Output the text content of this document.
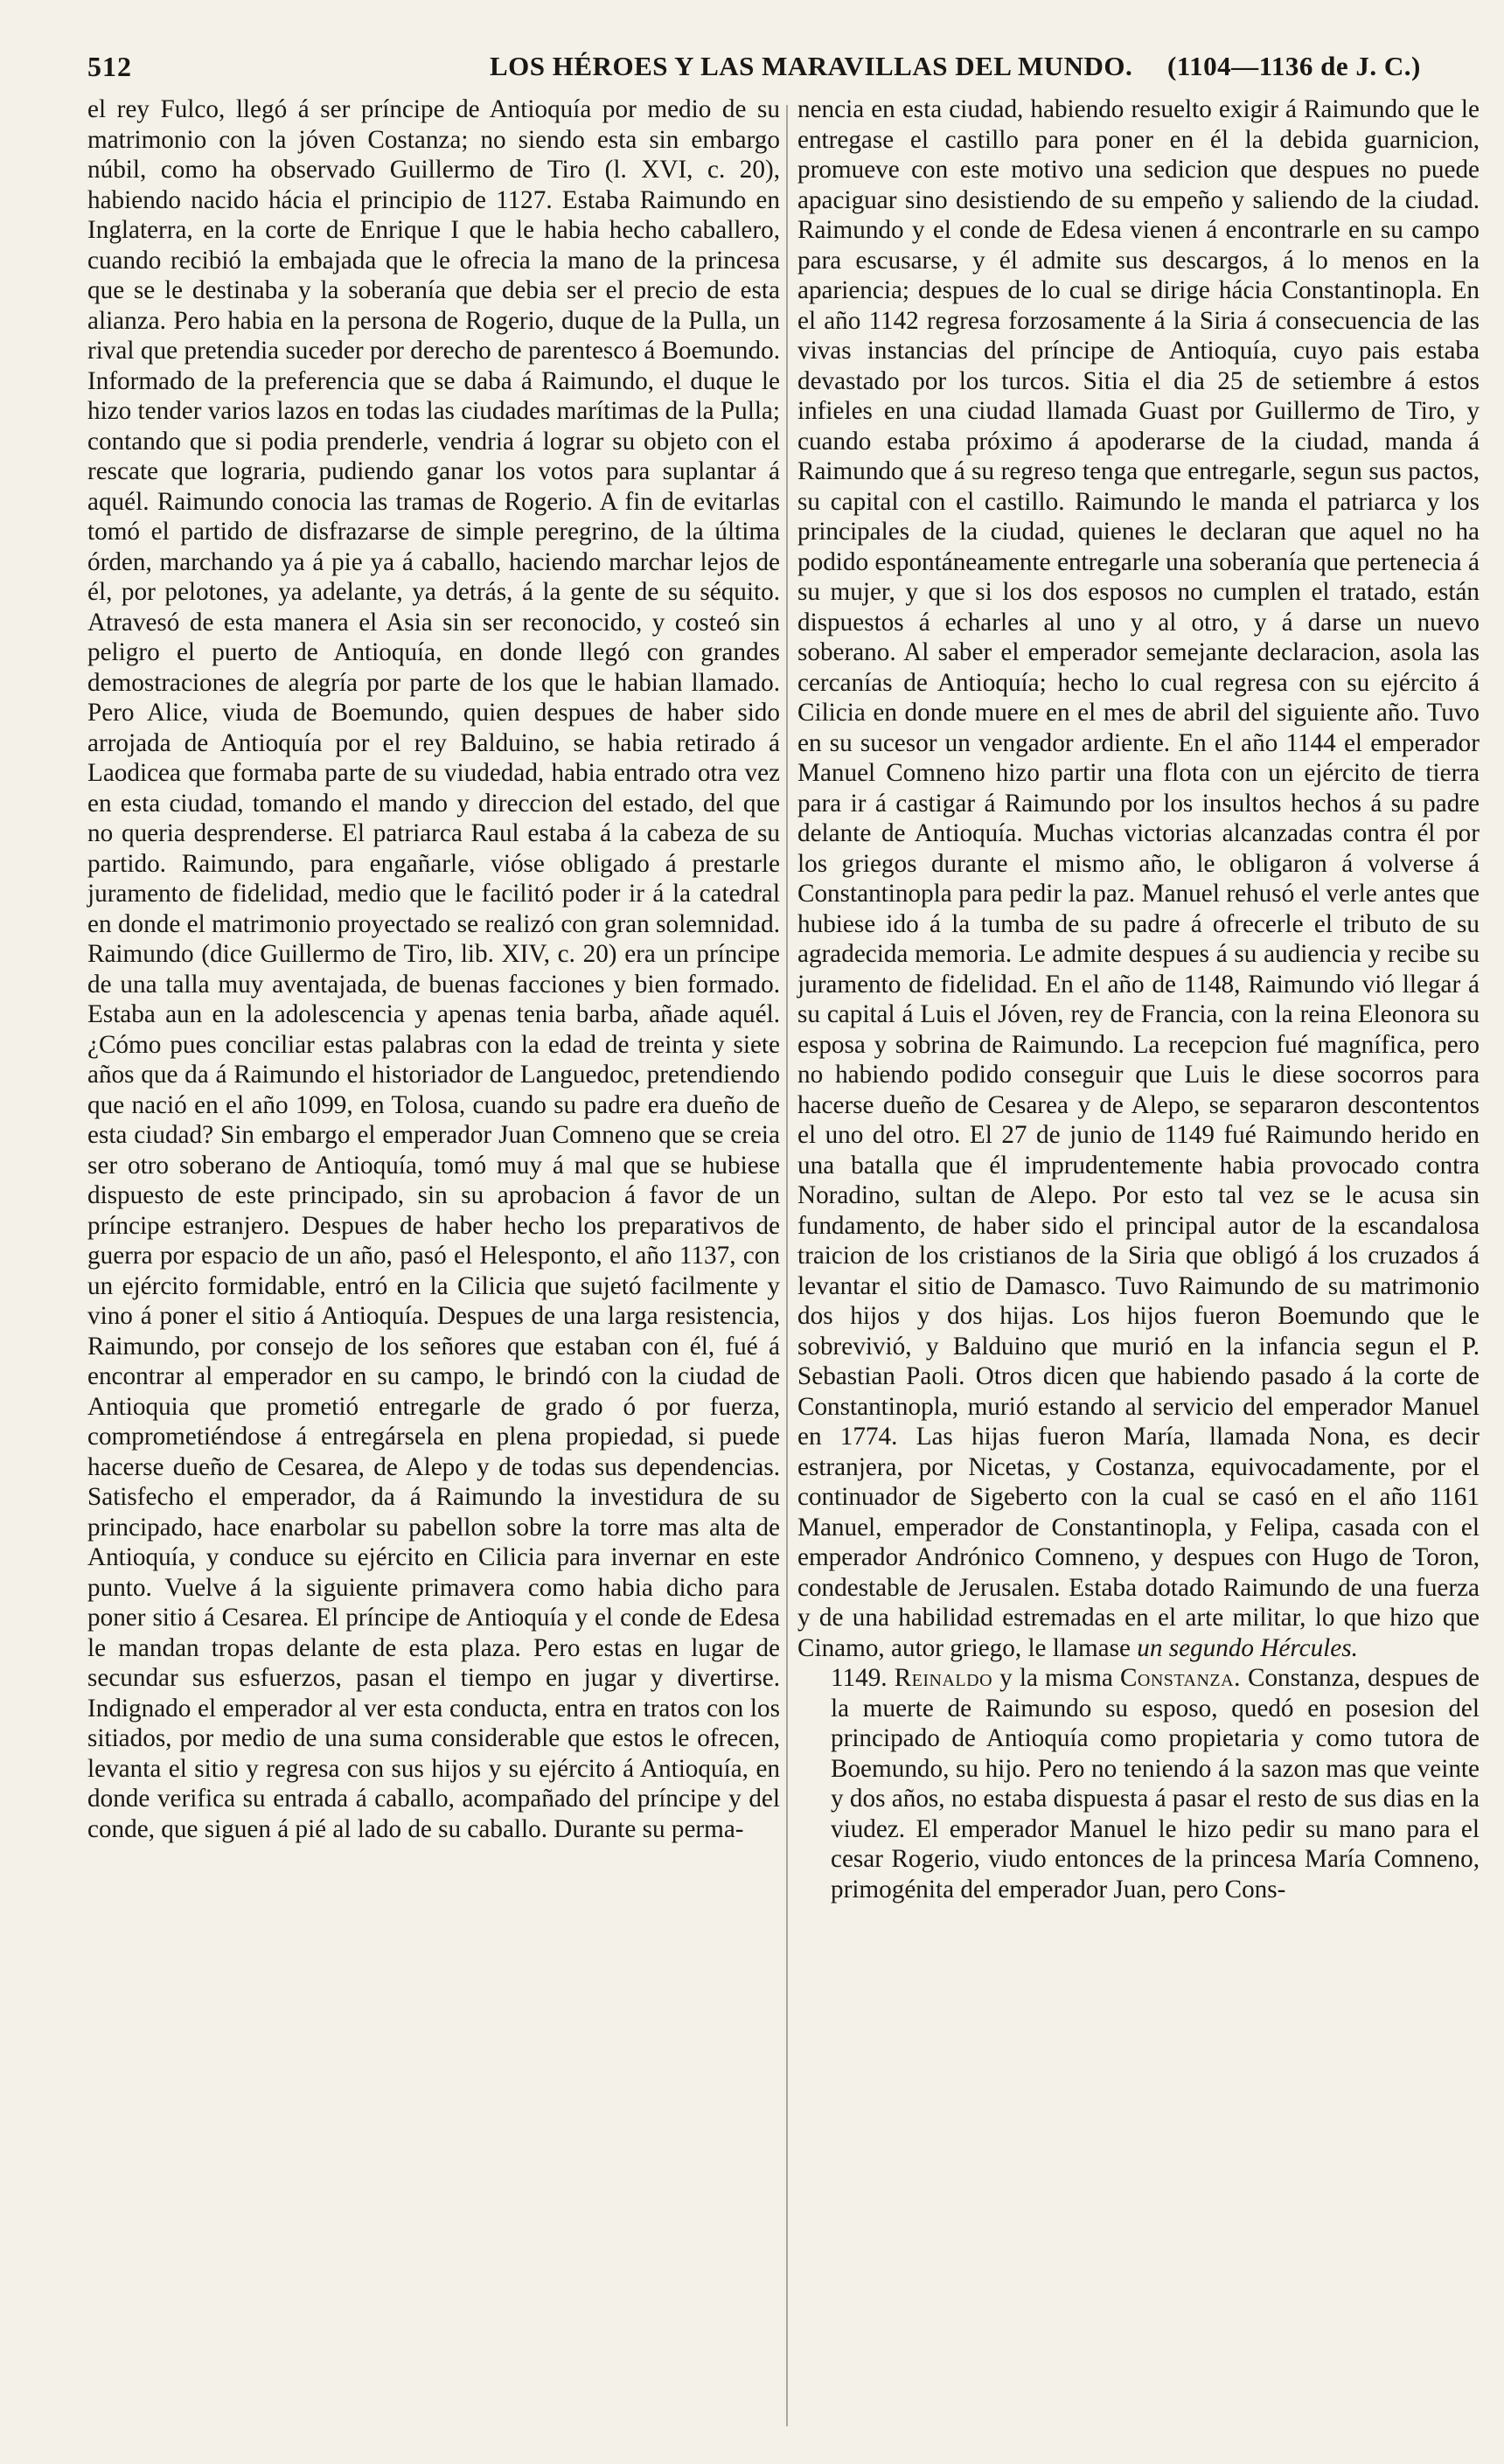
512	LOS HÉROES Y LAS MARAVILLAS DEL MUNDO. (1104—1136 de J. C.)

el rey Fulco, llegó á ser príncipe de Antioquía por medio de su matrimonio con la jóven Costanza; no siendo esta sin embargo núbil, como ha observado Guillermo de Tiro (l. XVI, c. 20), habiendo nacido hácia el principio de 1127. Estaba Raimundo en Inglaterra, en la corte de Enrique I que le habia hecho caballero, cuando recibió la embajada que le ofrecia la mano de la princesa que se le destinaba y la soberanía que debia ser el precio de esta alianza. Pero habia en la persona de Rogerio, duque de la Pulla, un rival que pretendia suceder por derecho de parentesco á Boemundo. Informado de la preferencia que se daba á Raimundo, el duque le hizo tender varios lazos en todas las ciudades marítimas de la Pulla; contando que si podia prenderle, vendria á lograr su objeto con el rescate que lograria, pudiendo ganar los votos para suplantar á aquél. Raimundo conocia las tramas de Rogerio. A fin de evitarlas tomó el partido de disfrazarse de simple peregrino, de la última órden, marchando ya á pie ya á caballo, haciendo marchar lejos de él, por pelotones, ya adelante, ya detrás, á la gente de su séquito. Atravesó de esta manera el Asia sin ser reconocido, y costeó sin peligro el puerto de Antioquía, en donde llegó con grandes demostraciones de alegría por parte de los que le habian llamado. Pero Alice, viuda de Boemundo, quien despues de haber sido arrojada de Antioquía por el rey Balduino, se habia retirado á Laodicea que formaba parte de su viudedad, habia entrado otra vez en esta ciudad, tomando el mando y direccion del estado, del que no queria desprenderse. El patriarca Raul estaba á la cabeza de su partido. Raimundo, para engañarle, vióse obligado á prestarle juramento de fidelidad, medio que le facilitó poder ir á la catedral en donde el matrimonio proyectado se realizó con gran solemnidad. Raimundo (dice Guillermo de Tiro, lib. XIV, c. 20) era un príncipe de una talla muy aventajada, de buenas facciones y bien formado. Estaba aun en la adolescencia y apenas tenia barba, añade aquél. ¿Cómo pues conciliar estas palabras con la edad de treinta y siete años que da á Raimundo el historiador de Languedoc, pretendiendo que nació en el año 1099, en Tolosa, cuando su padre era dueño de esta ciudad? Sin embargo el emperador Juan Comneno que se creia ser otro soberano de Antioquía, tomó muy á mal que se hubiese dispuesto de este principado, sin su aprobacion á favor de un príncipe estranjero. Despues de haber hecho los preparativos de guerra por espacio de un año, pasó el Helesponto, el año 1137, con un ejército formidable, entró en la Cilicia que sujetó facilmente y vino á poner el sitio á Antioquía. Despues de una larga resistencia, Raimundo, por consejo de los señores que estaban con él, fué á encontrar al emperador en su campo, le brindó con la ciudad de Antioquia que prometió entregarle de grado ó por fuerza, comprometiéndose á entregársela en plena propiedad, si puede hacerse dueño de Cesarea, de Alepo y de todas sus dependencias. Satisfecho el emperador, da á Raimundo la investidura de su principado, hace enarbolar su pabellon sobre la torre mas alta de Antioquía, y conduce su ejército en Cilicia para invernar en este punto. Vuelve á la siguiente primavera como habia dicho para poner sitio á Cesarea. El príncipe de Antioquía y el conde de Edesa le mandan tropas delante de esta plaza. Pero estas en lugar de secundar sus esfuerzos, pasan el tiempo en jugar y divertirse. Indignado el emperador al ver esta conducta, entra en tratos con los sitiados, por medio de una suma considerable que estos le ofrecen, levanta el sitio y regresa con sus hijos y su ejército á Antioquía, en donde verifica su entrada á caballo, acompañado del príncipe y del conde, que siguen á pié al lado de su caballo. Durante su perma-

nencia en esta ciudad, habiendo resuelto exigir á Raimundo que le entregase el castillo para poner en él la debida guarnicion, promueve con este motivo una sedicion que despues no puede apaciguar sino desistiendo de su empeño y saliendo de la ciudad. Raimundo y el conde de Edesa vienen á encontrarle en su campo para escusarse, y él admite sus descargos, á lo menos en la apariencia; despues de lo cual se dirige hácia Constantinopla. En el año 1142 regresa forzosamente á la Siria á consecuencia de las vivas instancias del príncipe de Antioquía, cuyo pais estaba devastado por los turcos. Sitia el dia 25 de setiembre á estos infieles en una ciudad llamada Guast por Guillermo de Tiro, y cuando estaba próximo á apoderarse de la ciudad, manda á Raimundo que á su regreso tenga que entregarle, segun sus pactos, su capital con el castillo. Raimundo le manda el patriarca y los principales de la ciudad, quienes le declaran que aquel no ha podido espontáneamente entregarle una soberanía que pertenecia á su mujer, y que si los dos esposos no cumplen el tratado, están dispuestos á echarles al uno y al otro, y á darse un nuevo soberano. Al saber el emperador semejante declaracion, asola las cercanías de Antioquía; hecho lo cual regresa con su ejército á Cilicia en donde muere en el mes de abril del siguiente año. Tuvo en su sucesor un vengador ardiente. En el año 1144 el emperador Manuel Comneno hizo partir una flota con un ejército de tierra para ir á castigar á Raimundo por los insultos hechos á su padre delante de Antioquía. Muchas victorias alcanzadas contra él por los griegos durante el mismo año, le obligaron á volverse á Constantinopla para pedir la paz. Manuel rehusó el verle antes que hubiese ido á la tumba de su padre á ofrecerle el tributo de su agradecida memoria. Le admite despues á su audiencia y recibe su juramento de fidelidad. En el año de 1148, Raimundo vió llegar á su capital á Luis el Jóven, rey de Francia, con la reina Eleonora su esposa y sobrina de Raimundo. La recepcion fué magnífica, pero no habiendo podido conseguir que Luis le diese socorros para hacerse dueño de Cesarea y de Alepo, se separaron descontentos el uno del otro. El 27 de junio de 1149 fué Raimundo herido en una batalla que él imprudentemente habia provocado contra Noradino, sultan de Alepo. Por esto tal vez se le acusa sin fundamento, de haber sido el principal autor de la escandalosa traicion de los cristianos de la Siria que obligó á los cruzados á levantar el sitio de Damasco. Tuvo Raimundo de su matrimonio dos hijos y dos hijas. Los hijos fueron Boemundo que le sobrevivió, y Balduino que murió en la infancia segun el P. Sebastian Paoli. Otros dicen que habiendo pasado á la corte de Constantinopla, murió estando al servicio del emperador Manuel en 1774. Las hijas fueron María, llamada Nona, es decir estranjera, por Nicetas, y Costanza, equivocadamente, por el continuador de Sigeberto con la cual se casó en el año 1161 Manuel, emperador de Constantinopla, y Felipa, casada con el emperador Andrónico Comneno, y despues con Hugo de Toron, condestable de Jerusalen. Estaba dotado Raimundo de una fuerza y de una habilidad estremadas en el arte militar, lo que hizo que Cinamo, autor griego, le llamase un segundo Hércules.

1149. Reinaldo y la misma Constanza. Constanza, despues de la muerte de Raimundo su esposo, quedó en posesion del principado de Antioquía como propietaria y como tutora de Boemundo, su hijo. Pero no teniendo á la sazon mas que veinte y dos años, no estaba dispuesta á pasar el resto de sus dias en la viudez. El emperador Manuel le hizo pedir su mano para el cesar Rogerio, viudo entonces de la princesa María Comneno, primogénita del emperador Juan, pero Cons-
